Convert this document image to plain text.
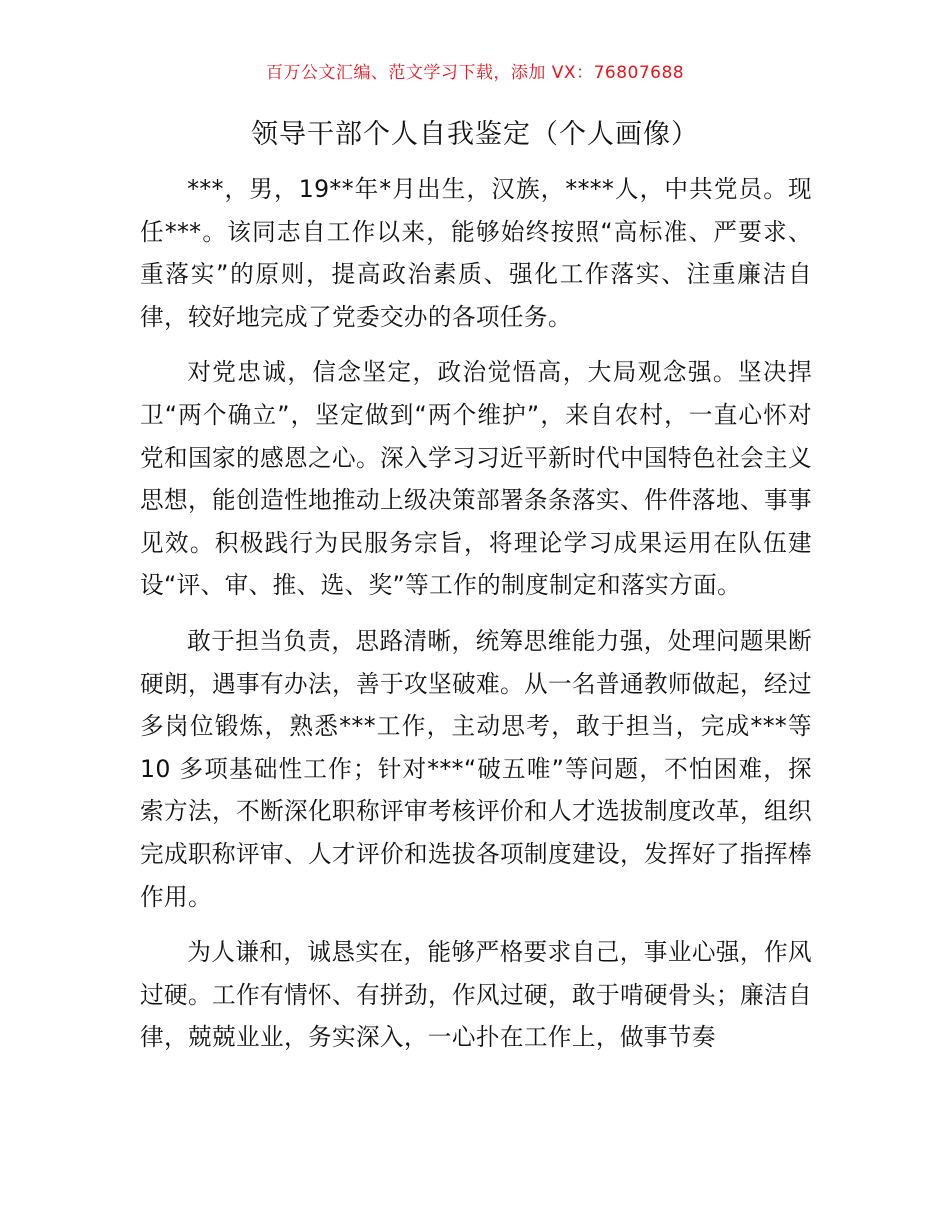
百万公文汇编、范文学习下载，添加 VX：76807688
领导干部个人自我鉴定（个人画像）

***，男，19**年*月出生，汉族，****人，中共党员。现任***。该同志自工作以来，能够始终按照“高标准、严要求、重落实”的原则，提高政治素质、强化工作落实、注重廉洁自律，较好地完成了党委交办的各项任务。

对党忠诚，信念坚定，政治觉悟高，大局观念强。坚决捍卫“两个确立”，坚定做到“两个维护”，来自农村，一直心怀对党和国家的感恩之心。深入学习习近平新时代中国特色社会主义思想，能创造性地推动上级决策部署条条落实、件件落地、事事见效。积极践行为民服务宗旨，将理论学习成果运用在队伍建设“评、审、推、选、奖”等工作的制度制定和落实方面。

敢于担当负责，思路清晰，统筹思维能力强，处理问题果断硬朗，遇事有办法，善于攻坚破难。从一名普通教师做起，经过多岗位锻炼，熟悉***工作，主动思考，敢于担当，完成***等 10 多项基础性工作；针对***“破五唯”等问题，不怕困难，探索方法，不断深化职称评审考核评价和人才选拔制度改革，组织完成职称评审、人才评价和选拔各项制度建设，发挥好了指挥棒作用。

为人谦和，诚恳实在，能够严格要求自己，事业心强，作风过硬。工作有情怀、有拼劲，作风过硬，敢于啃硬骨头；廉洁自律，兢兢业业，务实深入，一心扑在工作上，做事节奏
